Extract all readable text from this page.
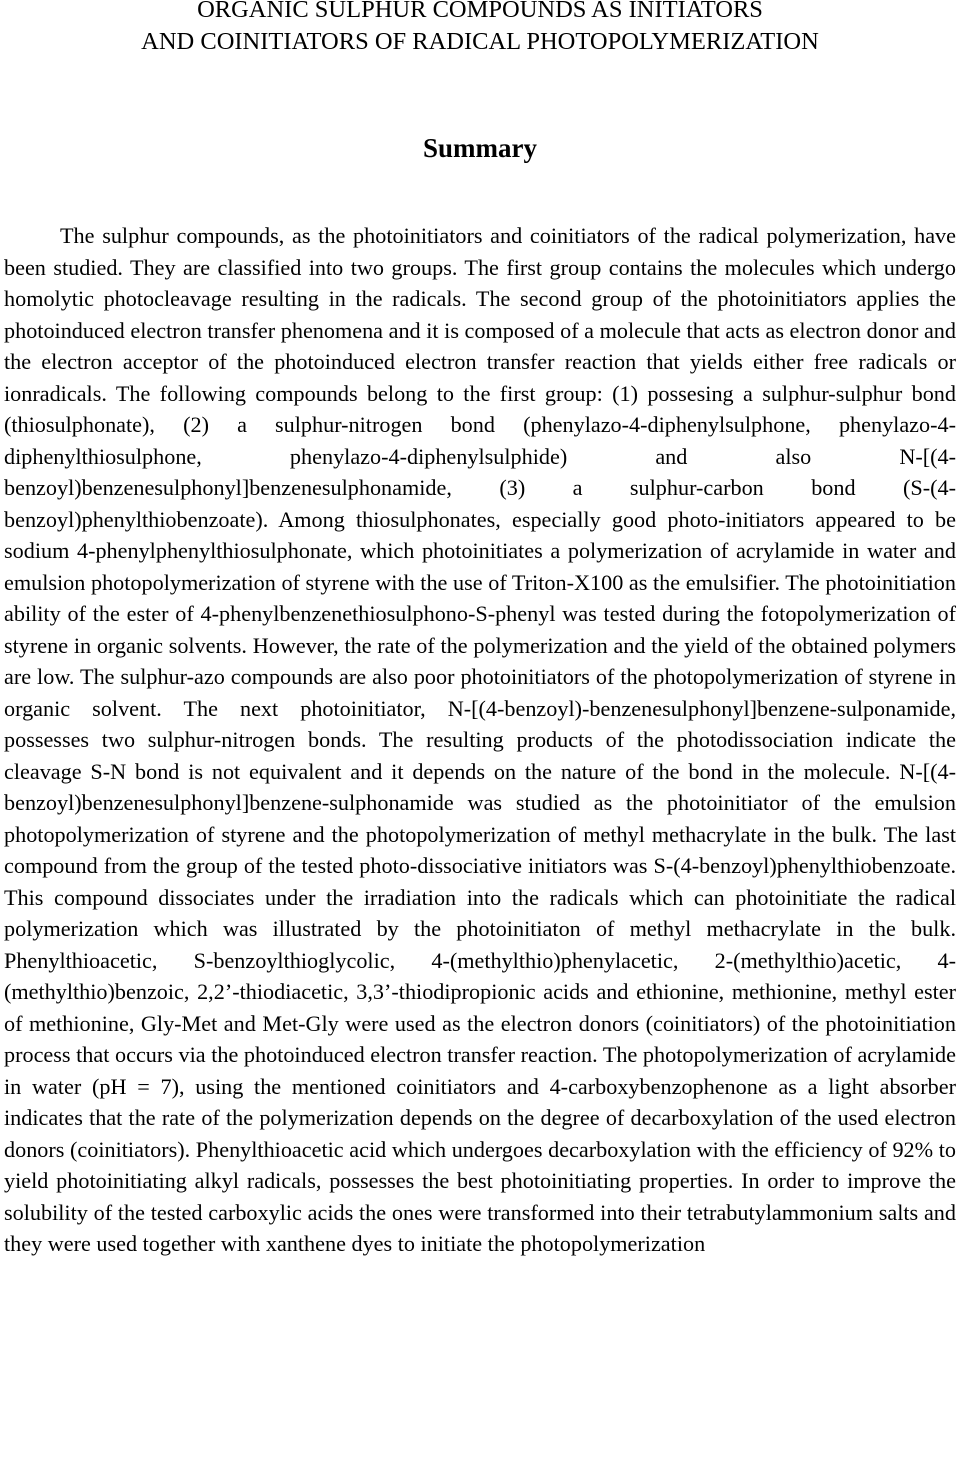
ORGANIC SULPHUR COMPOUNDS AS INITIATORS
AND COINITIATORS OF RADICAL PHOTOPOLYMERIZATION
Summary

The sulphur compounds, as the photoinitiators and coinitiators of the radical polymerization, have been studied. They are classified into two groups. The first group contains the molecules which undergo homolytic photocleavage resulting in the radicals. The second group of the photoinitiators applies the photoinduced electron transfer phenomena and it is composed of a molecule that acts as electron donor and the electron acceptor of the photoinduced electron transfer reaction that yields either free radicals or ionradicals. The following compounds belong to the first group: (1) possesing a sulphur-sulphur bond (thiosulphonate), (2) a sulphur-nitrogen bond (phenylazo-4-diphenylsulphone, phenylazo-4-diphenylthiosulphone, phenylazo-4-diphenylsulphide) and also N-[(4-benzoyl)benzenesulphonyl]benzenesulphonamide, (3) a sulphur-carbon bond (S-(4-benzoyl)phenylthiobenzoate). Among thiosulphonates, especially good photo-initiators appeared to be sodium 4-phenylphenylthiosulphonate, which photoinitiates a polymerization of acrylamide in water and emulsion photopolymerization of styrene with the use of Triton-X100 as the emulsifier. The photoinitiation ability of the ester of 4-phenylbenzenethiosulphono-S-phenyl was tested during the fotopolymerization of styrene in organic solvents. However, the rate of the polymerization and the yield of the obtained polymers are low. The sulphur-azo compounds are also poor photoinitiators of the photopolymerization of styrene in organic solvent. The next photoinitiator, N-[(4-benzoyl)-benzenesulphonyl]benzene-sulponamide, possesses two sulphur-nitrogen bonds. The resulting products of the photodissociation indicate the cleavage S-N bond is not equivalent and it depends on the nature of the bond in the molecule. N-[(4-benzoyl)benzenesulphonyl]benzene-sulphonamide was studied as the photoinitiator of the emulsion photopolymerization of styrene and the photopolymerization of methyl methacrylate in the bulk. The last compound from the group of the tested photo-dissociative initiators was S-(4-benzoyl)phenylthiobenzoate. This compound dissociates under the irradiation into the radicals which can photoinitiate the radical polymerization which was illustrated by the photoinitiaton of methyl methacrylate in the bulk. Phenylthioacetic, S-benzoylthioglycolic, 4-(methylthio)phenylacetic, 2-(methylthio)acetic, 4-(methylthio)benzoic, 2,2’-thiodiacetic, 3,3’-thiodipropionic acids and ethionine, methionine, methyl ester of methionine, Gly-Met and Met-Gly were used as the electron donors (coinitiators) of the photoinitiation process that occurs via the photoinduced electron transfer reaction. The photopolymerization of acrylamide in water (pH = 7), using the mentioned coinitiators and 4-carboxybenzophenone as a light absorber indicates that the rate of the polymerization depends on the degree of decarboxylation of the used electron donors (coinitiators). Phenylthioacetic acid which undergoes decarboxylation with the efficiency of 92% to yield photoinitiating alkyl radicals, possesses the best photoinitiating properties. In order to improve the solubility of the tested carboxylic acids the ones were transformed into their tetrabutylammonium salts and they were used together with xanthene dyes to initiate the photopolymerization
